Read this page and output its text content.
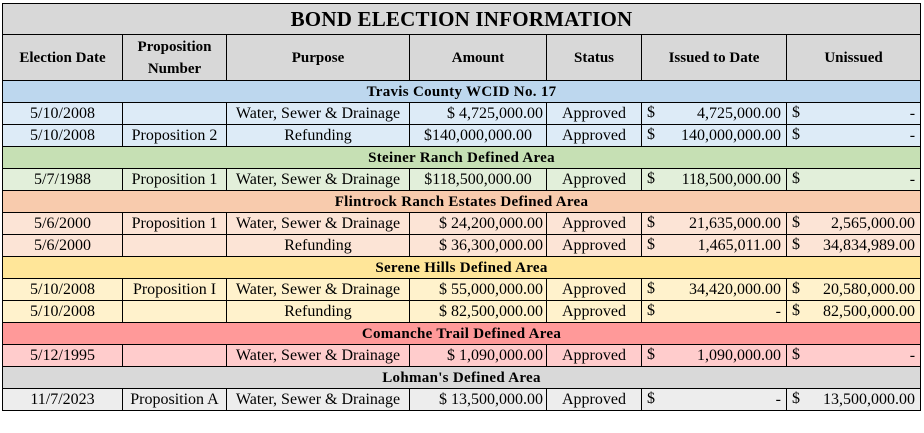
BOND ELECTION INFORMATION						
Election Date	Proposition Number	Purpose	Amount	Status	Issued to Date	Unissued
Travis County WCID No. 17						
5/10/2008		Water, Sewer & Drainage	$ 4,725,000.00	Approved	$ 4,725,000.00	$ -

5/10/2008	Proposition 2	Refunding	$140,000,000.00	Approved	$ 140,000,000.00	$ -

Steiner Ranch Defined Area						
5/7/1988	Proposition 1	Water, Sewer & Drainage	$118,500,000.00	Approved	$ 118,500,000.00	$ -

Flintrock Ranch Estates Defined Area						
5/6/2000	Proposition 1	Water, Sewer & Drainage	$ 24,200,000.00	Approved	$ 21,635,000.00	$ 2,565,000.00

5/6/2000		Refunding	$ 36,300,000.00	Approved	$ 1,465,011.00	$ 34,834,989.00

Serene Hills Defined Area						
5/10/2008	Proposition I	Water, Sewer & Drainage	$ 55,000,000.00	Approved	$ 34,420,000.00	$ 20,580,000.00

5/10/2008		Refunding	$ 82,500,000.00	Approved	$ -	$ 82,500,000.00

Comanche Trail Defined Area						
5/12/1995		Water, Sewer & Drainage	$ 1,090,000.00	Approved	$ 1,090,000.00	$ -

Lohman's Defined Area						
11/7/2023	Proposition A	Water, Sewer & Drainage	$ 13,500,000.00	Approved	$ -	$ 13,500,000.00
